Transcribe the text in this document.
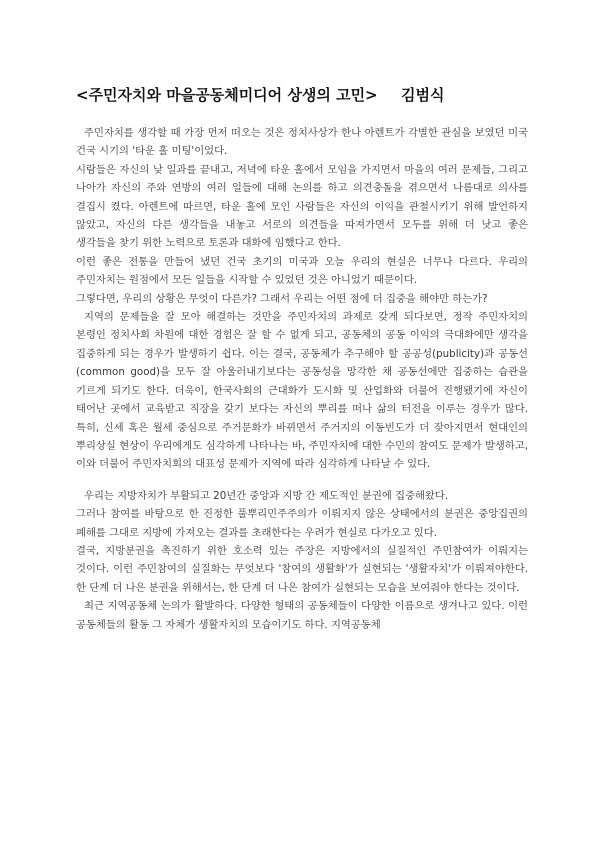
<주민자치와 마을공동체미디어 상생의 고민> 김범식

주민자치를 생각할 때 가장 먼저 떠오는 것은 정치사상가 한나 아렌트가 각별한 관심을 보였던 미국 건국 시기의 '타운 홀 미팅'이었다.

시람들은 자신의 낮 일과를 끝내고, 저녁에 타운 홀에서 모임을 가지면서 마을의 여러 문제들, 그리고 나아가 자신의 주와 연방의 여러 일들에 대해 논의를 하고 의견충돌을 겪으면서 나름대로 의사를 결집시 켰다. 아렌트에 따르면, 타운 홀에 모인 사람들은 자신의 이익을 관철시키기 위해 발언하지 않았고, 자신의 다른 생각들을 내놓고 서로의 의견들을 따져가면서 모두를 위해 더 낫고 좋은 생각들을 찾기 위한 노력으로 토론과 대화에 임했다고 한다.

이런 좋은 전통을 만들어 냈던 건국 초기의 미국과 오늘 우리의 현실은 너무나 다르다. 우리의 주민자치는 원점에서 모든 일들을 시작할 수 있었던 것은 아니었기 때문이다.

그렇다면, 우리의 상황은 무엇이 다른가? 그래서 우리는 어떤 점에 더 집중을 해야만 하는가?

지역의 문제들을 잘 모아 해결하는 것만을 주민자치의 과제로 갖게 되다보면, 정작 주민자치의 본령인 정치사회 차원에 대한 경험은 잘 할 수 없게 되고, 공동체의 공동 이익의 극대화에만 생각을 집중하게 되는 경우가 발생하기 쉽다. 이는 결국, 공동체가 추구해야 할 공공성(publicity)과 공동선(common good)을 모두 잘 아울러내기보다는 공동성을 망각한 채 공동선에만 집중하는 습관을 기르게 되기도 한다. 더욱이, 한국사회의 근대화가 도시화 및 산업화와 더불어 진행됐기에 자신이 태어난 곳에서 교육받고 직장을 갖기 보다는 자신의 뿌리를 떠나 삶의 터전을 이루는 경우가 많다. 특히, 신세 혹은 월세 중심으로 주거문화가 바뀌면서 주거지의 이동빈도가 더 잦아지면서 현대인의 뿌리상실 현상이 우리에게도 심각하게 나타나는 바, 주민자치에 대한 수민의 참여도 문제가 발생하고, 이와 더불어 주민자치회의 대표성 문제가 지역에 따라 심각하게 나타날 수 있다.

우리는 지방자치가 부활되고 20년간 중앙과 지방 간 제도적인 분권에 집중해왔다.

그러나 참여를 바탕으로 한 진정한 풀뿌리민주주의가 이뤄지지 않은 상태에서의 분권은 중앙집권의 폐해를 그대로 지방에 가져오는 결과를 초래한다는 우려가 현실로 다가오고 있다.

결국, 지방분권을 촉진하기 위한 호소력 있는 주장은 지방에서의 실질적인 주민참여가 이뤄지는 것이다. 이런 주민참여의 실질화는 무엇보다 '참여의 생활화'가 실현되는 '생활자치'가 이뤄져야한다. 한 단계 더 나은 분권을 위해서는, 한 단계 더 나은 참여가 실현되는 모습을 보여줘야 한다는 것이다.

최근 지역공동체 논의가 활발하다. 다양한 형태의 공동체들이 다양한 이름으로 생겨나고 있다. 이런 공동체들의 활동 그 자체가 생활자치의 모습이기도 하다. 지역공동체
